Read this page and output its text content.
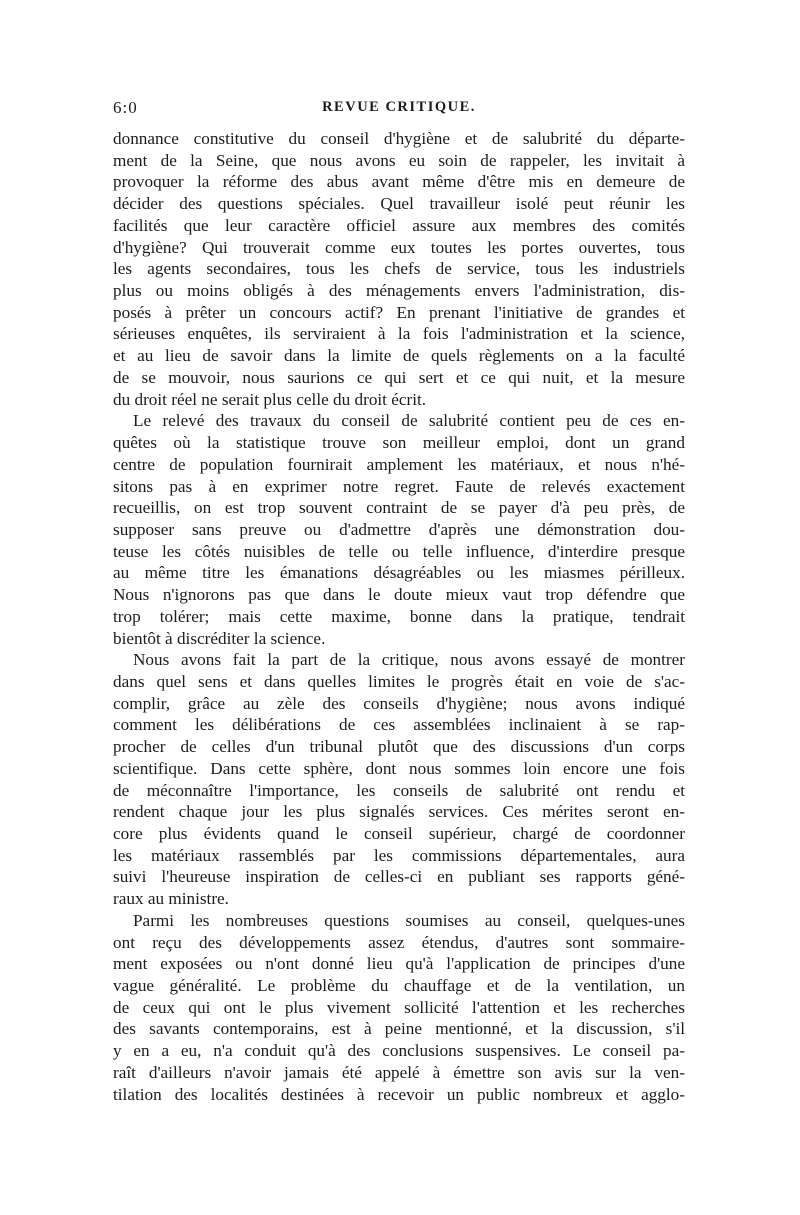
6:0	REVUE CRITIQUE.
donnance constitutive du conseil d'hygiène et de salubrité du départe-
ment de la Seine, que nous avons eu soin de rappeler, les invitait à
provoquer la réforme des abus avant même d'être mis en demeure de
décider des questions spéciales. Quel travailleur isolé peut réunir les
facilités que leur caractère officiel assure aux membres des comités
d'hygiène? Qui trouverait comme eux toutes les portes ouvertes, tous
les agents secondaires, tous les chefs de service, tous les industriels
plus ou moins obligés à des ménagements envers l'administration, dis-
posés à prêter un concours actif? En prenant l'initiative de grandes et
sérieuses enquêtes, ils serviraient à la fois l'administration et la science,
et au lieu de savoir dans la limite de quels règlements on a la faculté
de se mouvoir, nous saurions ce qui sert et ce qui nuit, et la mesure
du droit réel ne serait plus celle du droit écrit.
Le relevé des travaux du conseil de salubrité contient peu de ces en-
quêtes où la statistique trouve son meilleur emploi, dont un grand
centre de population fournirait amplement les matériaux, et nous n'hé-
sitons pas à en exprimer notre regret. Faute de relevés exactement
recueillis, on est trop souvent contraint de se payer d'à peu près, de
supposer sans preuve ou d'admettre d'après une démonstration dou-
teuse les côtés nuisibles de telle ou telle influence, d'interdire presque
au même titre les émanations désagréables ou les miasmes périlleux.
Nous n'ignorons pas que dans le doute mieux vaut trop défendre que
trop tolérer; mais cette maxime, bonne dans la pratique, tendrait
bientôt à discréditer la science.
Nous avons fait la part de la critique, nous avons essayé de montrer
dans quel sens et dans quelles limites le progrès était en voie de s'ac-
complir, grâce au zèle des conseils d'hygiène; nous avons indiqué
comment les délibérations de ces assemblées inclinaient à se rap-
procher de celles d'un tribunal plutôt que des discussions d'un corps
scientifique. Dans cette sphère, dont nous sommes loin encore une fois
de méconnaître l'importance, les conseils de salubrité ont rendu et
rendent chaque jour les plus signalés services. Ces mérites seront en-
core plus évidents quand le conseil supérieur, chargé de coordonner
les matériaux rassemblés par les commissions départementales, aura
suivi l'heureuse inspiration de celles-ci en publiant ses rapports géné-
raux au ministre.
Parmi les nombreuses questions soumises au conseil, quelques-unes
ont reçu des développements assez étendus, d'autres sont sommaire-
ment exposées ou n'ont donné lieu qu'à l'application de principes d'une
vague généralité. Le problème du chauffage et de la ventilation, un
de ceux qui ont le plus vivement sollicité l'attention et les recherches
des savants contemporains, est à peine mentionné, et la discussion, s'il
y en a eu, n'a conduit qu'à des conclusions suspensives. Le conseil pa-
raît d'ailleurs n'avoir jamais été appelé à émettre son avis sur la ven-
tilation des localités destinées à recevoir un public nombreux et agglo-
